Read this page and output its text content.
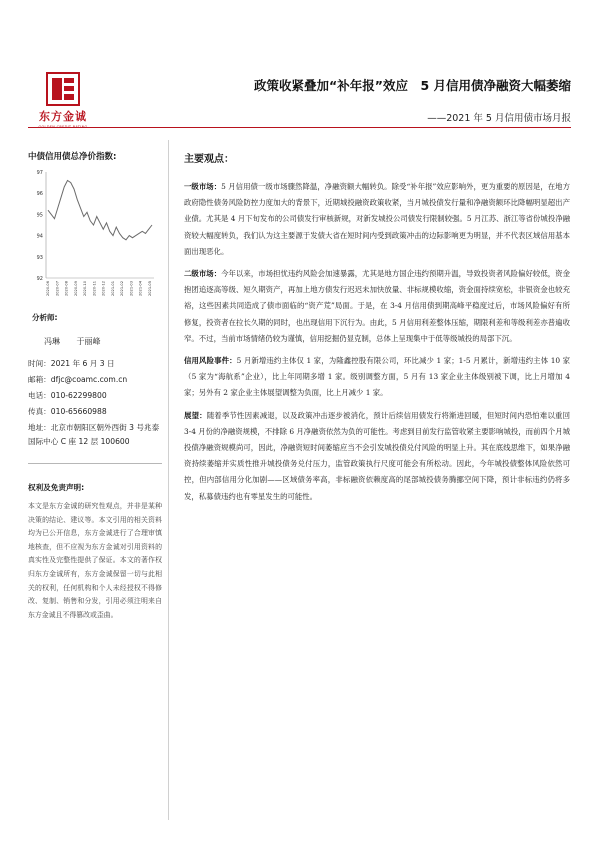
东方金诚
GOLDEN CREDIT RATING
政策收紧叠加“补年报”效应　5 月信用债净融资大幅萎缩
——2021 年 5 月信用债市场月报
中债信用债总净价指数:
92
93
94
95
96
97
2020-06 2020-07 2020-08 2020-09 2020-10 2020-11 2020-12 2021-01 2021-02 2021-03 2021-04 2021-05
分析师:
冯琳 于丽峰
时间：2021 年 6 月 3 日
邮箱：dfjc@coamc.com.cn
电话：010-62299800
传真：010-65660988
地址：北京市朝阳区朝外西街 3 号兆泰国际中心 C 座 12 层 100600
权利及免责声明:
本文是东方金诚的研究性观点，并非是某种决策的结论、建议等。本文引用的相关资料均为已公开信息，东方金诚进行了合理审慎地核查，但不应视为东方金诚对引用资料的真实性及完整性提供了保证。本文的著作权归东方金诚所有，东方金诚保留一切与此相关的权利，任何机构和个人未经授权不得修改、复制、销售和分发，引用必须注明来自东方金诚且不得篡改或歪曲。
主要观点：

一级市场：5 月信用债一级市场骤然降温，净融资额大幅转负。除受“补年报”效应影响外，更为重要的原因是，在地方政府隐性债务风险防控力度加大的背景下，近期城投融资政策收紧，当月城投债发行量和净融资额环比降幅明显超出产业债。尤其是 4 月下旬发布的公司债发行审核新规，对新发城投公司债发行限制较强。5 月江苏、浙江等省份城投净融资较大幅度转负，我们认为这主要源于发债大省在短时间内受到政策冲击的边际影响更为明显，并不代表区域信用基本面出现恶化。

二级市场：今年以来，市场担忧违约风险会加速暴露，尤其是地方国企违约预期升温，导致投资者风险偏好较低，资金抱团追逐高等级、短久期资产，再加上地方债发行迟迟未加快放量、非标规模收缩，资金面持续宽松，非银资金也较充裕，这些因素共同造成了债市面临的“资产荒”局面。于是，在 3-4 月信用债到期高峰平稳度过后，市场风险偏好有所修复，投资者在拉长久期的同时，也出现信用下沉行为。由此，5 月信用利差整体压缩，期限利差和等级利差亦普遍收窄。不过，当前市场情绪仍较为谨慎，信用挖掘仍显克制，总体上呈现集中于低等级城投的局部下沉。

信用风险事件：5 月新增违约主体仅 1 家，为隆鑫控股有限公司，环比减少 1 家；1-5 月累计，新增违约主体 10 家（5 家为“海航系”企业），比上年同期多增 1 家。级别调整方面，5 月有 13 家企业主体级别被下调，比上月增加 4 家；另外有 2 家企业主体展望调整为负面，比上月减少 1 家。

展望：随着季节性因素减退，以及政策冲击逐步被消化，预计后续信用债发行将渐进回暖，但短时间内恐怕难以重回 3-4 月份的净融资规模，不排除 6 月净融资依然为负的可能性。考虑到目前发行监管收紧主要影响城投，而前四个月城投债净融资规模尚可，因此，净融资短时间萎缩应当不会引发城投债兑付风险的明显上升。其在底线思维下，如果净融资持续萎缩并实质性推升城投债务兑付压力，监管政策执行尺度可能会有所松动。因此，今年城投债整体风险依然可控，但内部信用分化加剧——区域债务率高，非标融资依赖度高的尾部城投债务腾挪空间下降，预计非标违约仍将多发，私募债违约也有零星发生的可能性。
